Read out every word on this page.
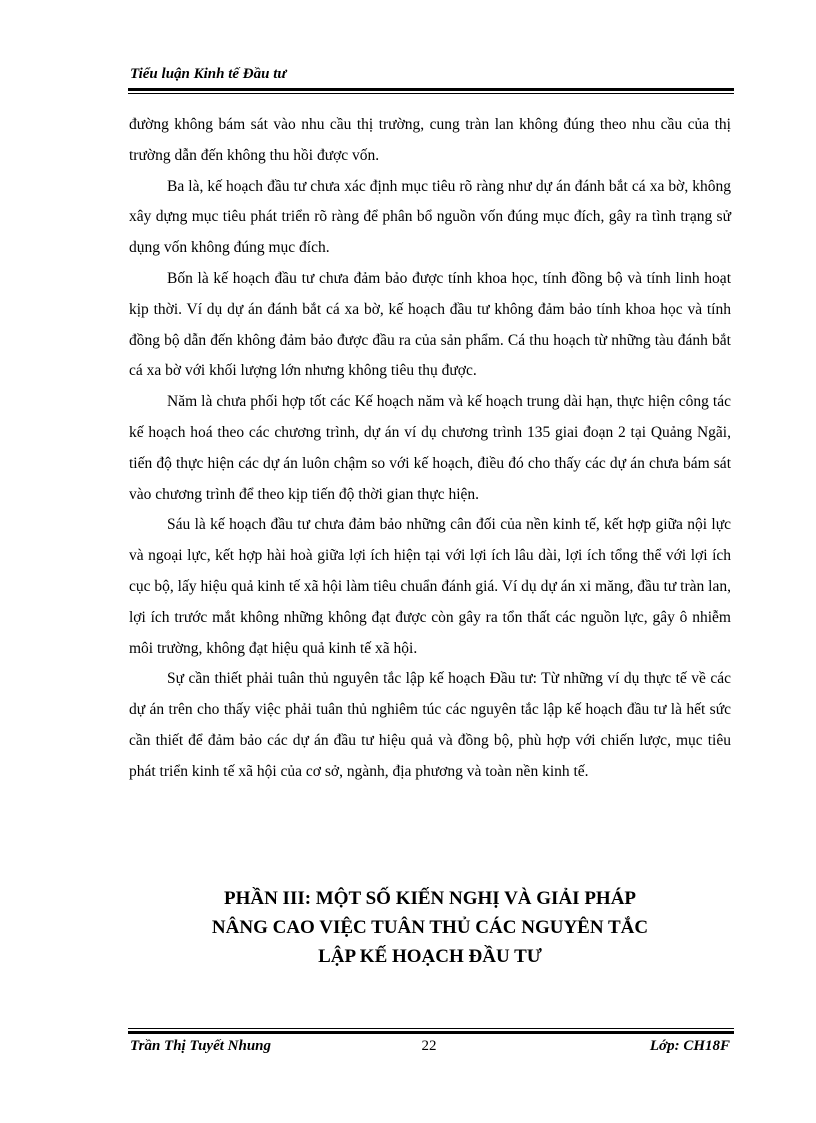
Tiểu luận Kinh tế Đầu tư

đường không bám sát vào nhu cầu thị trường, cung tràn lan không đúng theo nhu cầu của thị trường dẫn đến không thu hồi được vốn.

Ba là, kế hoạch đầu tư chưa xác định mục tiêu rõ ràng như dự án đánh bắt cá xa bờ, không xây dựng mục tiêu phát triển rõ ràng để phân bổ nguồn vốn đúng mục đích, gây ra tình trạng sử dụng vốn không đúng mục đích.

Bốn là kế hoạch đầu tư chưa đảm bảo được tính khoa học, tính đồng bộ và tính linh hoạt kịp thời. Ví dụ dự án đánh bắt cá xa bờ, kế hoạch đầu tư không đảm bảo tính khoa học và tính đồng bộ dẫn đến không đảm bảo được đầu ra của sản phẩm. Cá thu hoạch từ những tàu đánh bắt cá xa bờ với khối lượng lớn nhưng không tiêu thụ được.

Năm là chưa phối hợp tốt các Kế hoạch năm và kế hoạch trung dài hạn, thực hiện công tác kế hoạch hoá theo các chương trình, dự án ví dụ chương trình 135 giai đoạn 2 tại Quảng Ngãi, tiến độ thực hiện các dự án luôn chậm so với kế hoạch, điều đó cho thấy các dự án chưa bám sát vào chương trình để theo kịp tiến độ thời gian thực hiện.

Sáu là kế hoạch đầu tư chưa đảm bảo những cân đối của nền kinh tế, kết hợp giữa nội lực và ngoại lực, kết hợp hài hoà giữa lợi ích hiện tại với lợi ích lâu dài, lợi ích tổng thể với lợi ích cục bộ, lấy hiệu quả kinh tế xã hội làm tiêu chuẩn đánh giá. Ví dụ dự án xi măng, đầu tư tràn lan, lợi ích trước mắt không những không đạt được còn gây ra tổn thất các nguồn lực, gây ô nhiễm môi trường, không đạt hiệu quả kinh tế xã hội.

Sự cần thiết phải tuân thủ nguyên tắc lập kế hoạch Đầu tư: Từ những ví dụ thực tế về các dự án trên cho thấy việc phải tuân thủ nghiêm túc các nguyên tắc lập kế hoạch đầu tư là hết sức cần thiết để đảm bảo các dự án đầu tư hiệu quả và đồng bộ, phù hợp với chiến lược, mục tiêu phát triển kinh tế xã hội của cơ sở, ngành, địa phương và toàn nền kinh tế.

PHẦN III: MỘT SỐ KIẾN NGHỊ VÀ GIẢI PHÁP
NÂNG CAO VIỆC TUÂN THỦ CÁC NGUYÊN TẮC
LẬP KẾ HOẠCH ĐẦU TƯ
Trần Thị Tuyết Nhung	22	Lớp: CH18F
